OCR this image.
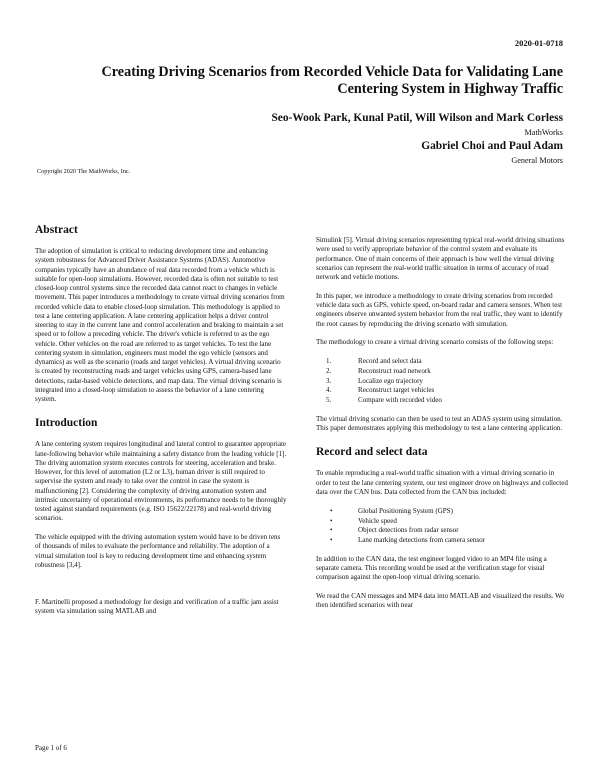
2020-01-0718
Creating Driving Scenarios from Recorded Vehicle Data for Validating Lane Centering System in Highway Traffic
Seo-Wook Park, Kunal Patil, Will Wilson and Mark Corless
MathWorks
Gabriel Choi and Paul Adam
General Motors
Copyright 2020 The MathWorks, Inc.
Abstract

The adoption of simulation is critical to reducing development time and enhancing system robustness for Advanced Driver Assistance Systems (ADAS). Automotive companies typically have an abundance of real data recorded from a vehicle which is suitable for open-loop simulations. However, recorded data is often not suitable to test closed-loop control systems since the recorded data cannot react to changes in vehicle movement. This paper introduces a methodology to create virtual driving scenarios from recorded vehicle data to enable closed-loop simulation. This methodology is applied to test a lane centering application. A lane centering application helps a driver control steering to stay in the current lane and control acceleration and braking to maintain a set speed or to follow a preceding vehicle. The driver's vehicle is referred to as the ego vehicle. Other vehicles on the road are referred to as target vehicles. To test the lane centering system in simulation, engineers must model the ego vehicle (sensors and dynamics) as well as the scenario (roads and target vehicles). A virtual driving scenario is created by reconstructing roads and target vehicles using GPS, camera-based lane detections, radar-based vehicle detections, and map data. The virtual driving scenario is integrated into a closed-loop simulation to assess the behavior of a lane centering system.

Introduction

A lane centering system requires longitudinal and lateral control to guarantee appropriate lane-following behavior while maintaining a safety distance from the leading vehicle [1]. The driving automation system executes controls for steering, acceleration and brake. However, for this level of automation (L2 or L3), human driver is still required to supervise the system and ready to take over the control in case the system is malfunctioning [2]. Considering the complexity of driving automation system and intrinsic uncertainty of operational environments, its performance needs to be thoroughly tested against standard requirements (e.g. ISO 15622/22178) and real-world driving scenarios.

The vehicle equipped with the driving automation system would have to be driven tens of thousands of miles to evaluate the performance and reliability. The adoption of a virtual simulation tool is key to reducing development time and enhancing system robustness [3,4].

F. Martinelli proposed a methodology for design and verification of a traffic jam assist system via simulation using MATLAB and

Simulink [5]. Virtual driving scenarios representing typical real-world driving situations were used to verify appropriate behavior of the control system and evaluate its performance. One of main concerns of their approach is how well the virtual driving scenarios can represent the real-world traffic situation in terms of accuracy of road network and vehicle motions.

In this paper, we introduce a methodology to create driving scenarios from recorded vehicle data such as GPS, vehicle speed, on-board radar and camera sensors. When test engineers observe unwanted system behavior from the real traffic, they want to identify the root causes by reproducing the driving scenario with simulation.

The methodology to create a virtual driving scenario consists of the following steps:

1.	Record and select data
2.	Reconstruct road network
3.	Localize ego trajectory
4.	Reconstruct target vehicles
5.	Compare with recorded video

The virtual driving scenario can then be used to test an ADAS system using simulation. This paper demonstrates applying this methodology to test a lane centering application.

Record and select data

To enable reproducing a real-world traffic situation with a virtual driving scenario in order to test the lane centering system, our test engineer drove on highways and collected data over the CAN bus. Data collected from the CAN bus included:

•	Global Positioning System (GPS)
•	Vehicle speed
•	Object detections from radar sensor
•	Lane marking detections from camera sensor

In addition to the CAN data, the test engineer logged video to an MP4 file using a separate camera. This recording would be used at the verification stage for visual comparison against the open-loop virtual driving scenario.

We read the CAN messages and MP4 data into MATLAB and visualized the results. We then identified scenarios with near

Page 1 of 6
